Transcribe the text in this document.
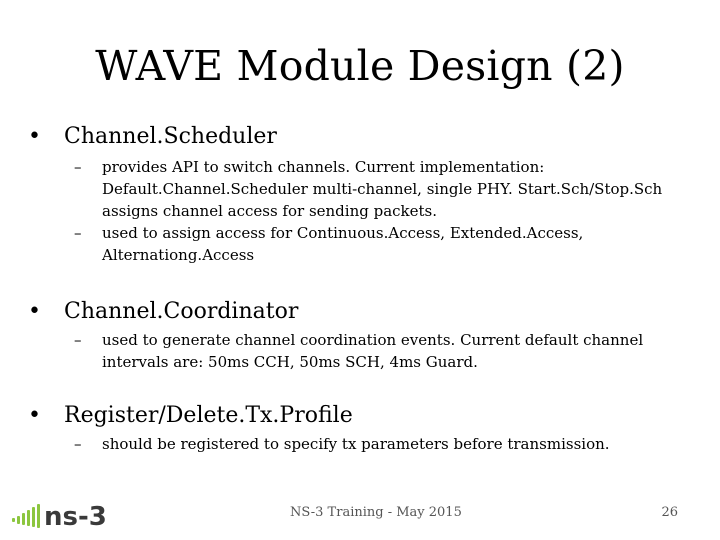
WAVE Module Design (2)
• Channel.Scheduler
–	provides API to switch channels. Current implementation: Default.Channel.Scheduler multi-channel, single PHY. Start.Sch/Stop.Sch assigns channel access for sending packets.
–	used to assign access for Continuous.Access, Extended.Access, Alternationg.Access
• Channel.Coordinator
–	used to generate channel coordination events. Current default channel intervals are: 50ms CCH, 50ms SCH, 4ms Guard.
• Register/Delete.Tx.Profile
–	should be registered to specify tx parameters before transmission.
ns-3	NS-3 Training - May 2015	26
